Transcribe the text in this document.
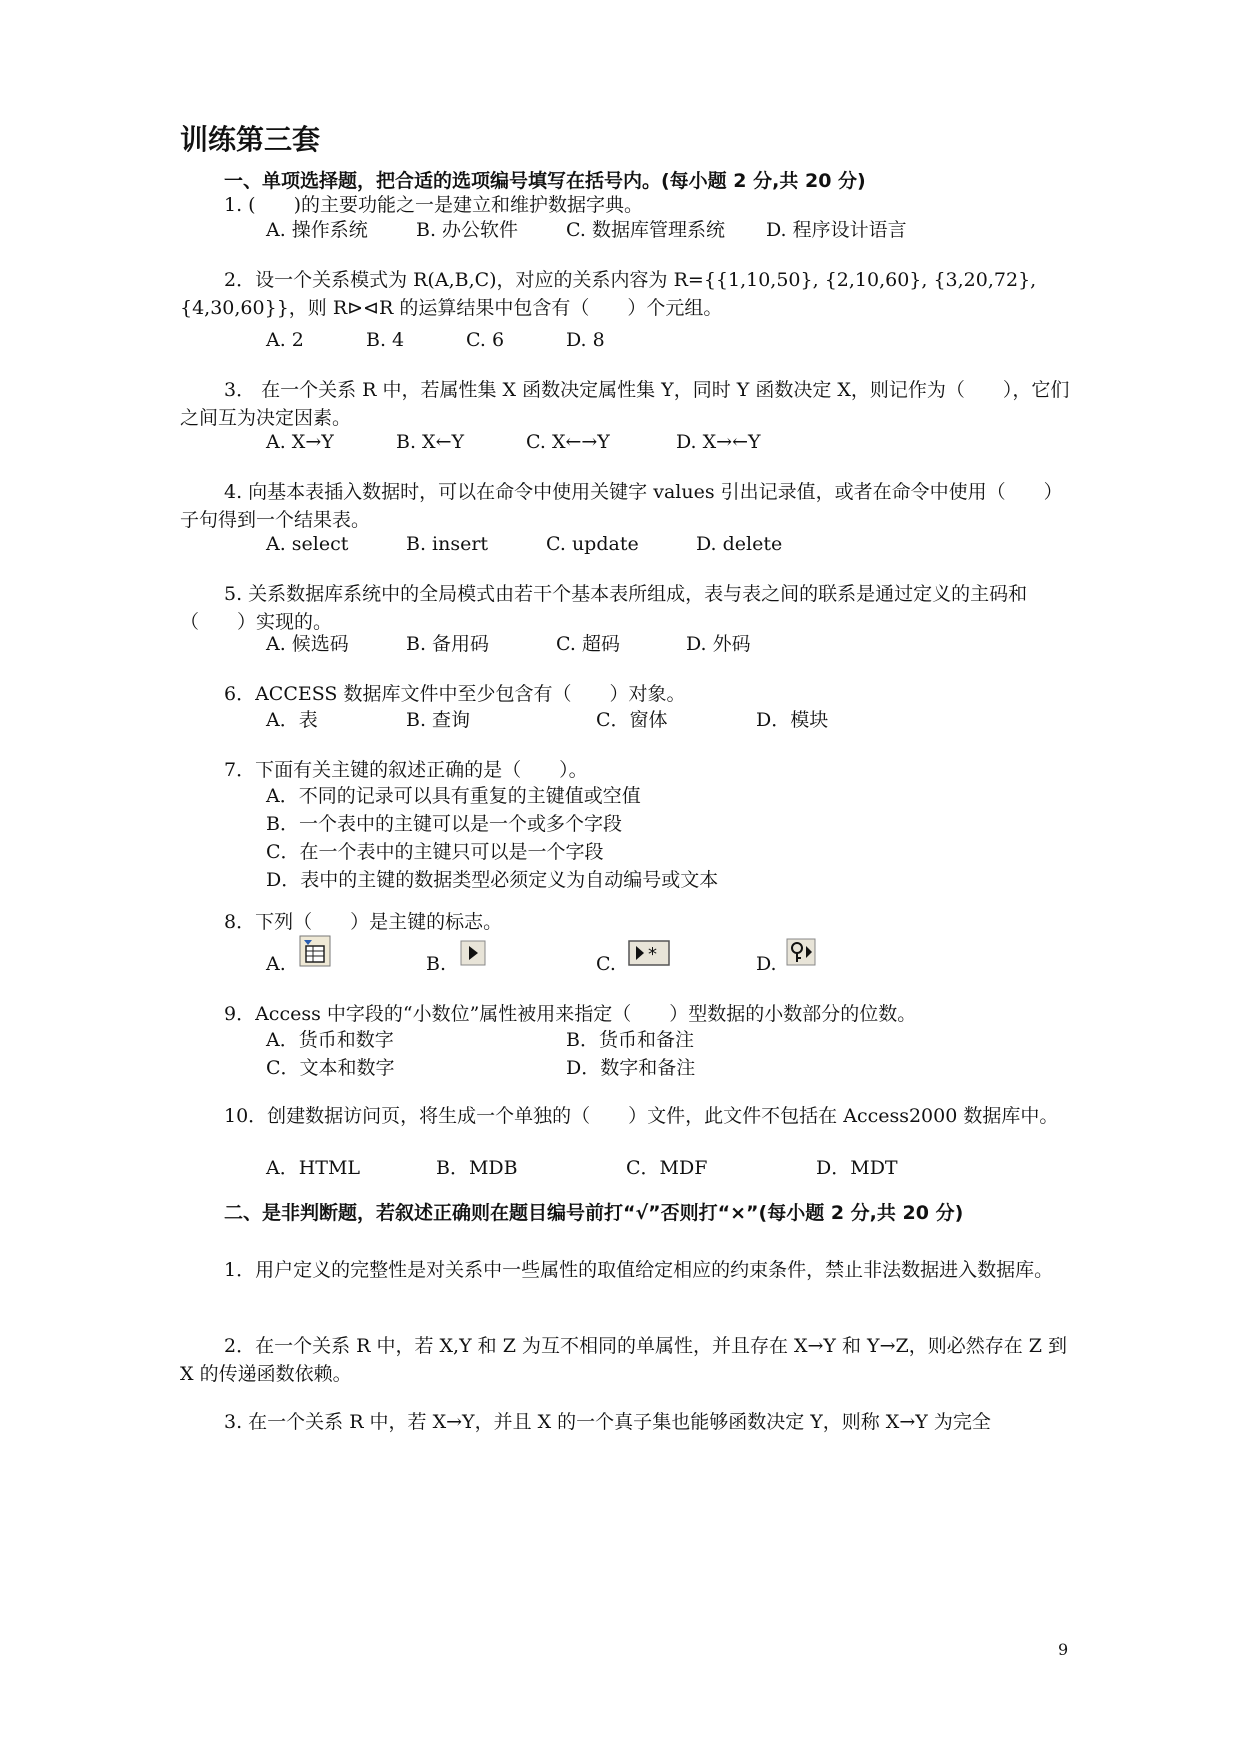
训练第三套
一、单项选择题，把合适的选项编号填写在括号内。(每小题 2 分,共 20 分)

1. (　　)的主要功能之一是建立和维护数据字典。

A. 操作系统	B. 办公软件	C. 数据库管理系统 D. 程序设计语言

2．设一个关系模式为 R(A,B,C)，对应的关系内容为 R={{1,10,50}, {2,10,60}, {3,20,72}, {4,30,60}}，则 R⊳⊲R 的运算结果中包含有（　　）个元组。

A. 2	B. 4	C. 6	D. 8

3． 在一个关系 R 中，若属性集 X 函数决定属性集 Y，同时 Y 函数决定 X，则记作为（　　），它们之间互为决定因素。

A. X→Y	B. X←Y	C. X←→Y	D. X→←Y

4. 向基本表插入数据时，可以在命令中使用关键字 values 引出记录值，或者在命令中使用（　　）子句得到一个结果表。

A. select	B. insert	C. update	D. delete

5. 关系数据库系统中的全局模式由若干个基本表所组成，表与表之间的联系是通过定义的主码和（　　）实现的。

A. 候选码	B. 备用码	C. 超码	D. 外码

6．ACCESS 数据库文件中至少包含有（　　）对象。

A．表	B. 查询	C．窗体	D．模块

7．下面有关主键的叙述正确的是（　　）。

A．不同的记录可以具有重复的主键值或空值
B．一个表中的主键可以是一个或多个字段
C．在一个表中的主键只可以是一个字段
D．表中的主键的数据类型必须定义为自动编号或文本

8．下列（　　）是主键的标志。

A.	B.	C.	D.
*

9．Access 中字段的“小数位”属性被用来指定（　　）型数据的小数部分的位数。

A．货币和数字	B．货币和备注
C．文本和数字	D．数字和备注

10．创建数据访问页，将生成一个单独的（　　）文件，此文件不包括在 Access2000 数据库中。

A．HTML	B．MDB	C．MDF	D．MDT
二、是非判断题，若叙述正确则在题目编号前打“√”否则打“×”(每小题 2 分,共 20 分)

1．用户定义的完整性是对关系中一些属性的取值给定相应的约束条件，禁止非法数据进入数据库。

2．在一个关系 R 中，若 X,Y 和 Z 为互不相同的单属性，并且存在 X→Y 和 Y→Z，则必然存在 Z 到 X 的传递函数依赖。

3. 在一个关系 R 中，若 X→Y，并且 X 的一个真子集也能够函数决定 Y，则称 X→Y 为完全

9
